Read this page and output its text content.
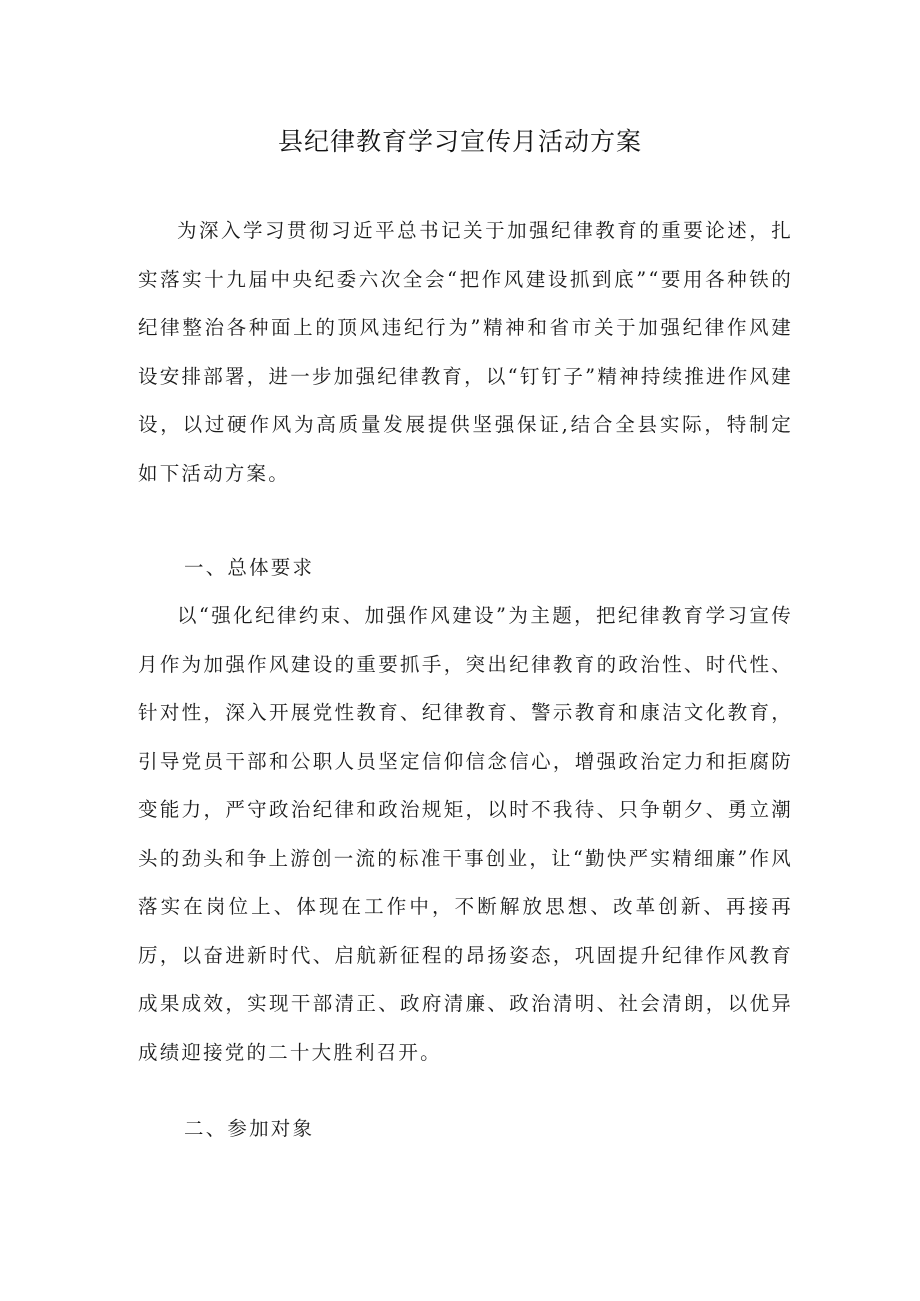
县纪律教育学习宣传月活动方案

为深入学习贯彻习近平总书记关于加强纪律教育的重要论述，扎实落实十九届中央纪委六次全会“把作风建设抓到底”“要用各种铁的纪律整治各种面上的顶风违纪行为”精神和省市关于加强纪律作风建设安排部署，进一步加强纪律教育，以“钉钉子”精神持续推进作风建设，以过硬作风为高质量发展提供坚强保证,结合全县实际，特制定如下活动方案。

一、总体要求

以“强化纪律约束、加强作风建设”为主题，把纪律教育学习宣传月作为加强作风建设的重要抓手，突出纪律教育的政治性、时代性、针对性，深入开展党性教育、纪律教育、警示教育和康洁文化教育，引导党员干部和公职人员坚定信仰信念信心，增强政治定力和拒腐防变能力，严守政治纪律和政治规矩，以时不我待、只争朝夕、勇立潮头的劲头和争上游创一流的标准干事创业，让“勤快严实精细廉”作风落实在岗位上、体现在工作中，不断解放思想、改革创新、再接再厉，以奋进新时代、启航新征程的昂扬姿态，巩固提升纪律作风教育成果成效，实现干部清正、政府清廉、政治清明、社会清朗，以优异成绩迎接党的二十大胜利召开。

二、参加对象
